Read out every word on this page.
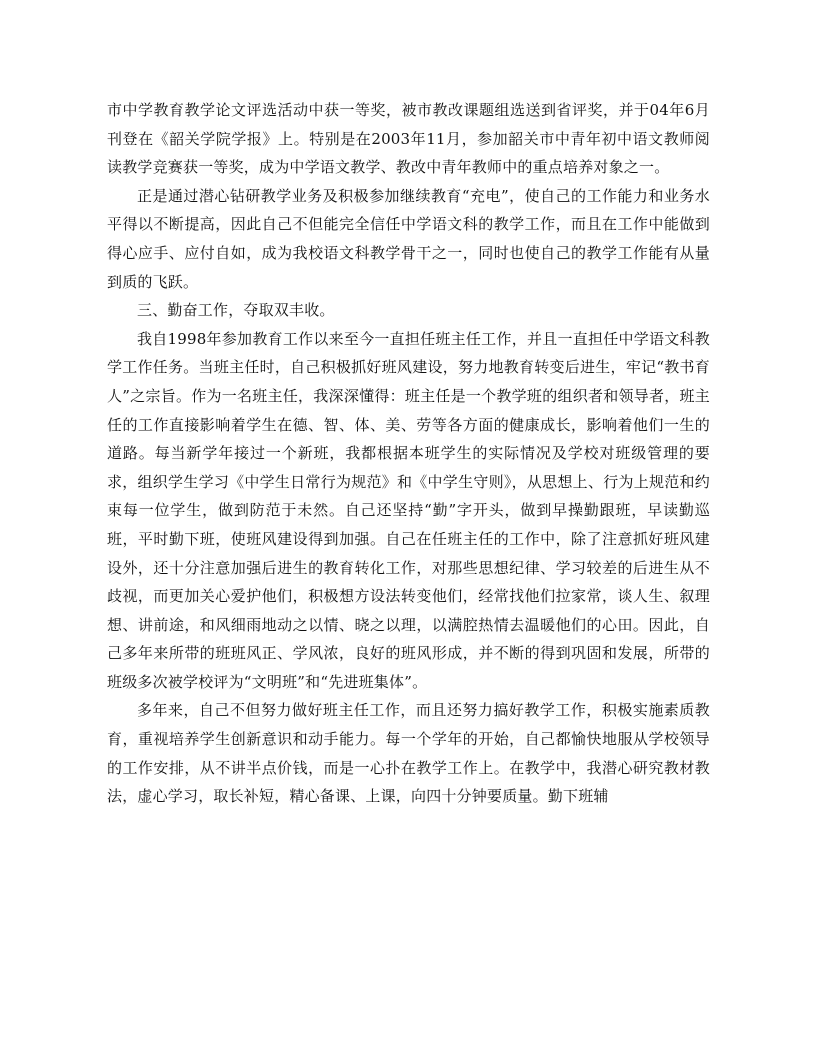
市中学教育教学论文评选活动中获一等奖，被市教改课题组选送到省评奖，并于04年6月刊登在《韶关学院学报》上。特别是在2003年11月，参加韶关市中青年初中语文教师阅读教学竞赛获一等奖，成为中学语文教学、教改中青年教师中的重点培养对象之一。

正是通过潜心钻研教学业务及积极参加继续教育“充电”，使自己的工作能力和业务水平得以不断提高，因此自己不但能完全信任中学语文科的教学工作，而且在工作中能做到得心应手、应付自如，成为我校语文科教学骨干之一，同时也使自己的教学工作能有从量到质的飞跃。

三、勤奋工作，夺取双丰收。

我自1998年参加教育工作以来至今一直担任班主任工作，并且一直担任中学语文科教学工作任务。当班主任时，自己积极抓好班风建设，努力地教育转变后进生，牢记“教书育人”之宗旨。作为一名班主任，我深深懂得：班主任是一个教学班的组织者和领导者，班主任的工作直接影响着学生在德、智、体、美、劳等各方面的健康成长，影响着他们一生的道路。每当新学年接过一个新班，我都根据本班学生的实际情况及学校对班级管理的要求，组织学生学习《中学生日常行为规范》和《中学生守则》，从思想上、行为上规范和约束每一位学生，做到防范于未然。自己还坚持“勤”字开头，做到早操勤跟班，早读勤巡班，平时勤下班，使班风建设得到加强。自己在任班主任的工作中，除了注意抓好班风建设外，还十分注意加强后进生的教育转化工作，对那些思想纪律、学习较差的后进生从不歧视，而更加关心爱护他们，积极想方设法转变他们，经常找他们拉家常，谈人生、叙理想、讲前途，和风细雨地动之以情、晓之以理，以满腔热情去温暖他们的心田。因此，自己多年来所带的班班风正、学风浓，良好的班风形成，并不断的得到巩固和发展，所带的班级多次被学校评为“文明班”和“先进班集体”。

多年来，自己不但努力做好班主任工作，而且还努力搞好教学工作，积极实施素质教育，重视培养学生创新意识和动手能力。每一个学年的开始，自己都愉快地服从学校领导的工作安排，从不讲半点价钱，而是一心扑在教学工作上。在教学中，我潜心研究教材教法，虚心学习，取长补短，精心备课、上课，向四十分钟要质量。勤下班辅
